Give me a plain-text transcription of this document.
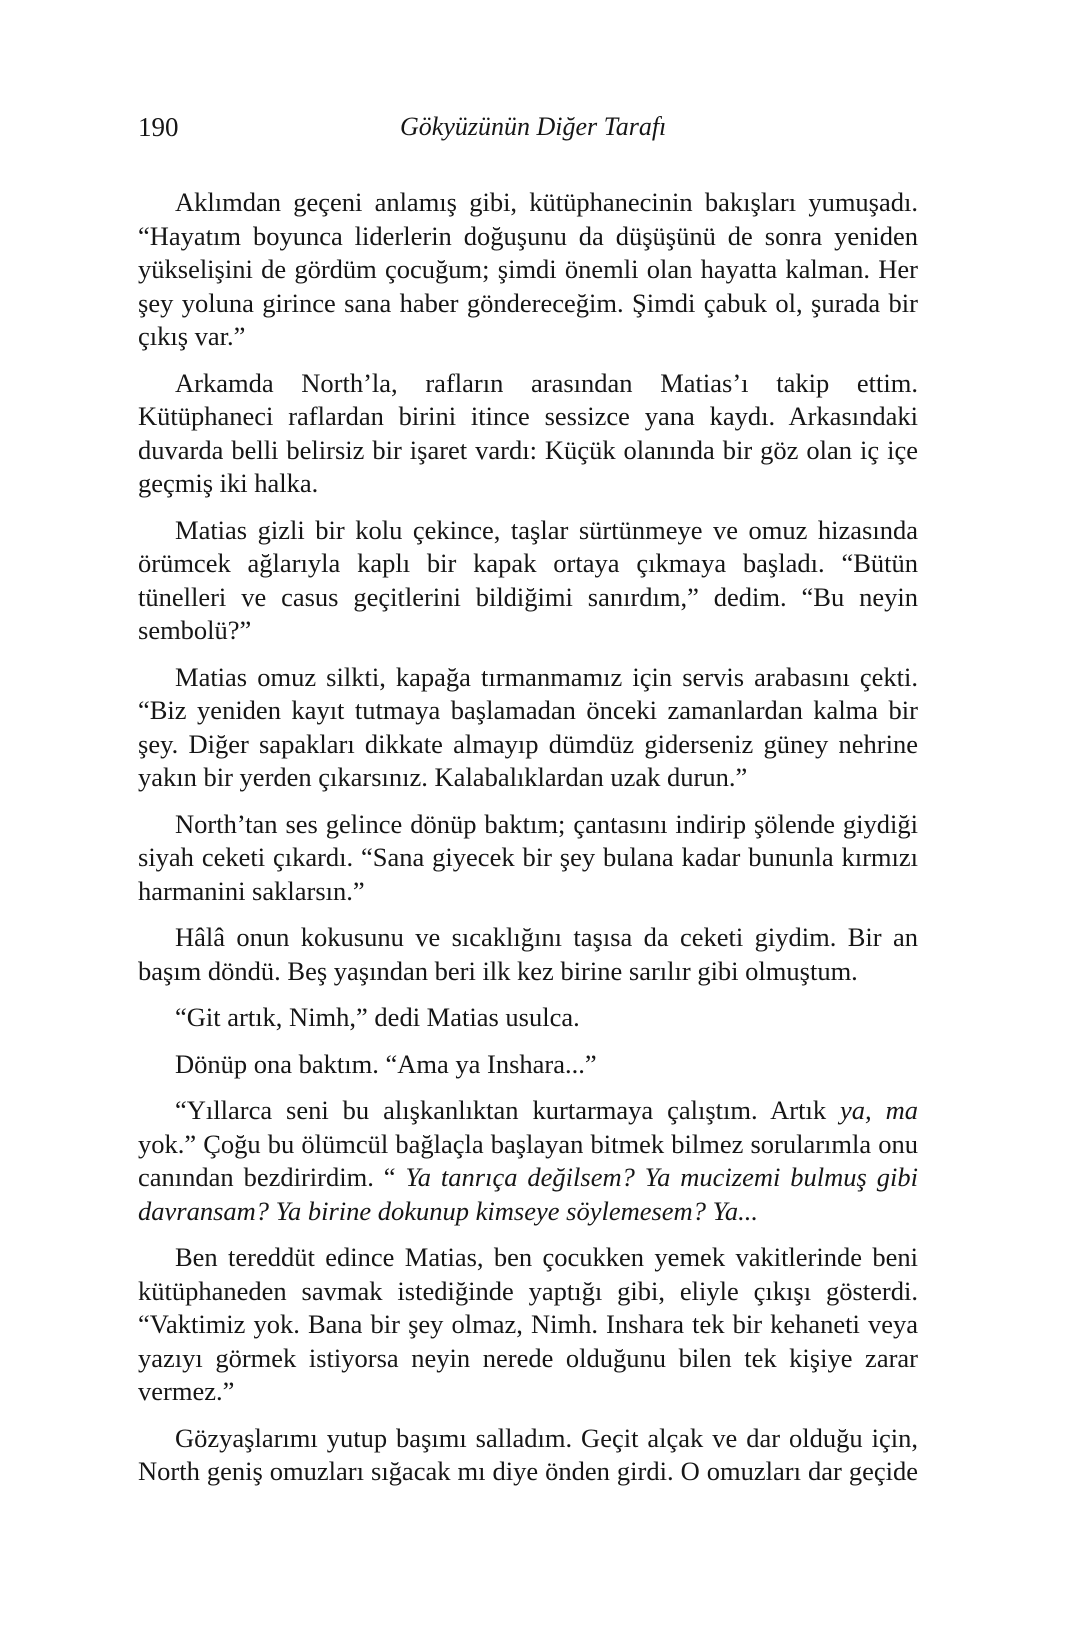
190	Gökyüzünün Diğer Tarafı

Aklımdan geçeni anlamış gibi, kütüphanecinin bakışları yumuşadı. “Hayatım boyunca liderlerin doğuşunu da düşüşünü de sonra yeniden yükselişini de gördüm çocuğum; şimdi önemli olan hayatta kalman. Her şey yoluna girince sana haber göndereceğim. Şimdi çabuk ol, şurada bir çıkış var.”

Arkamda North’la, rafların arasından Matias’ı takip ettim. Kütüphaneci raflardan birini itince sessizce yana kaydı. Arkasındaki duvarda belli belirsiz bir işaret vardı: Küçük olanında bir göz olan iç içe geçmiş iki halka.

Matias gizli bir kolu çekince, taşlar sürtünmeye ve omuz hizasında örümcek ağlarıyla kaplı bir kapak ortaya çıkmaya başladı. “Bütün tünelleri ve casus geçitlerini bildiğimi sanırdım,” dedim. “Bu neyin sembolü?”

Matias omuz silkti, kapağa tırmanmamız için servis arabasını çekti. “Biz yeniden kayıt tutmaya başlamadan önceki zamanlardan kalma bir şey. Diğer sapakları dikkate almayıp dümdüz giderseniz güney nehrine yakın bir yerden çıkarsınız. Kalabalıklardan uzak durun.”

North’tan ses gelince dönüp baktım; çantasını indirip şölende giydiği siyah ceketi çıkardı. “Sana giyecek bir şey bulana kadar bununla kırmızı harmanini saklarsın.”

Hâlâ onun kokusunu ve sıcaklığını taşısa da ceketi giydim. Bir an başım döndü. Beş yaşından beri ilk kez birine sarılır gibi olmuştum.

“Git artık, Nimh,” dedi Matias usulca.

Dönüp ona baktım. “Ama ya Inshara...”

“Yıllarca seni bu alışkanlıktan kurtarmaya çalıştım. Artık ya, ma yok.” Çoğu bu ölümcül bağlaçla başlayan bitmek bilmez sorularımla onu canından bezdirirdim. “ Ya tanrıça değilsem? Ya mucizemi bulmuş gibi davransam? Ya birine dokunup kimseye söylemesem? Ya...

Ben tereddüt edince Matias, ben çocukken yemek vakitlerinde beni kütüphaneden savmak istediğinde yaptığı gibi, eliyle çıkışı gösterdi. “Vaktimiz yok. Bana bir şey olmaz, Nimh. Inshara tek bir kehaneti veya yazıyı görmek istiyorsa neyin nerede olduğunu bilen tek kişiye zarar vermez.”

Gözyaşlarımı yutup başımı salladım. Geçit alçak ve dar olduğu için, North geniş omuzları sığacak mı diye önden girdi. O omuzları dar geçide
